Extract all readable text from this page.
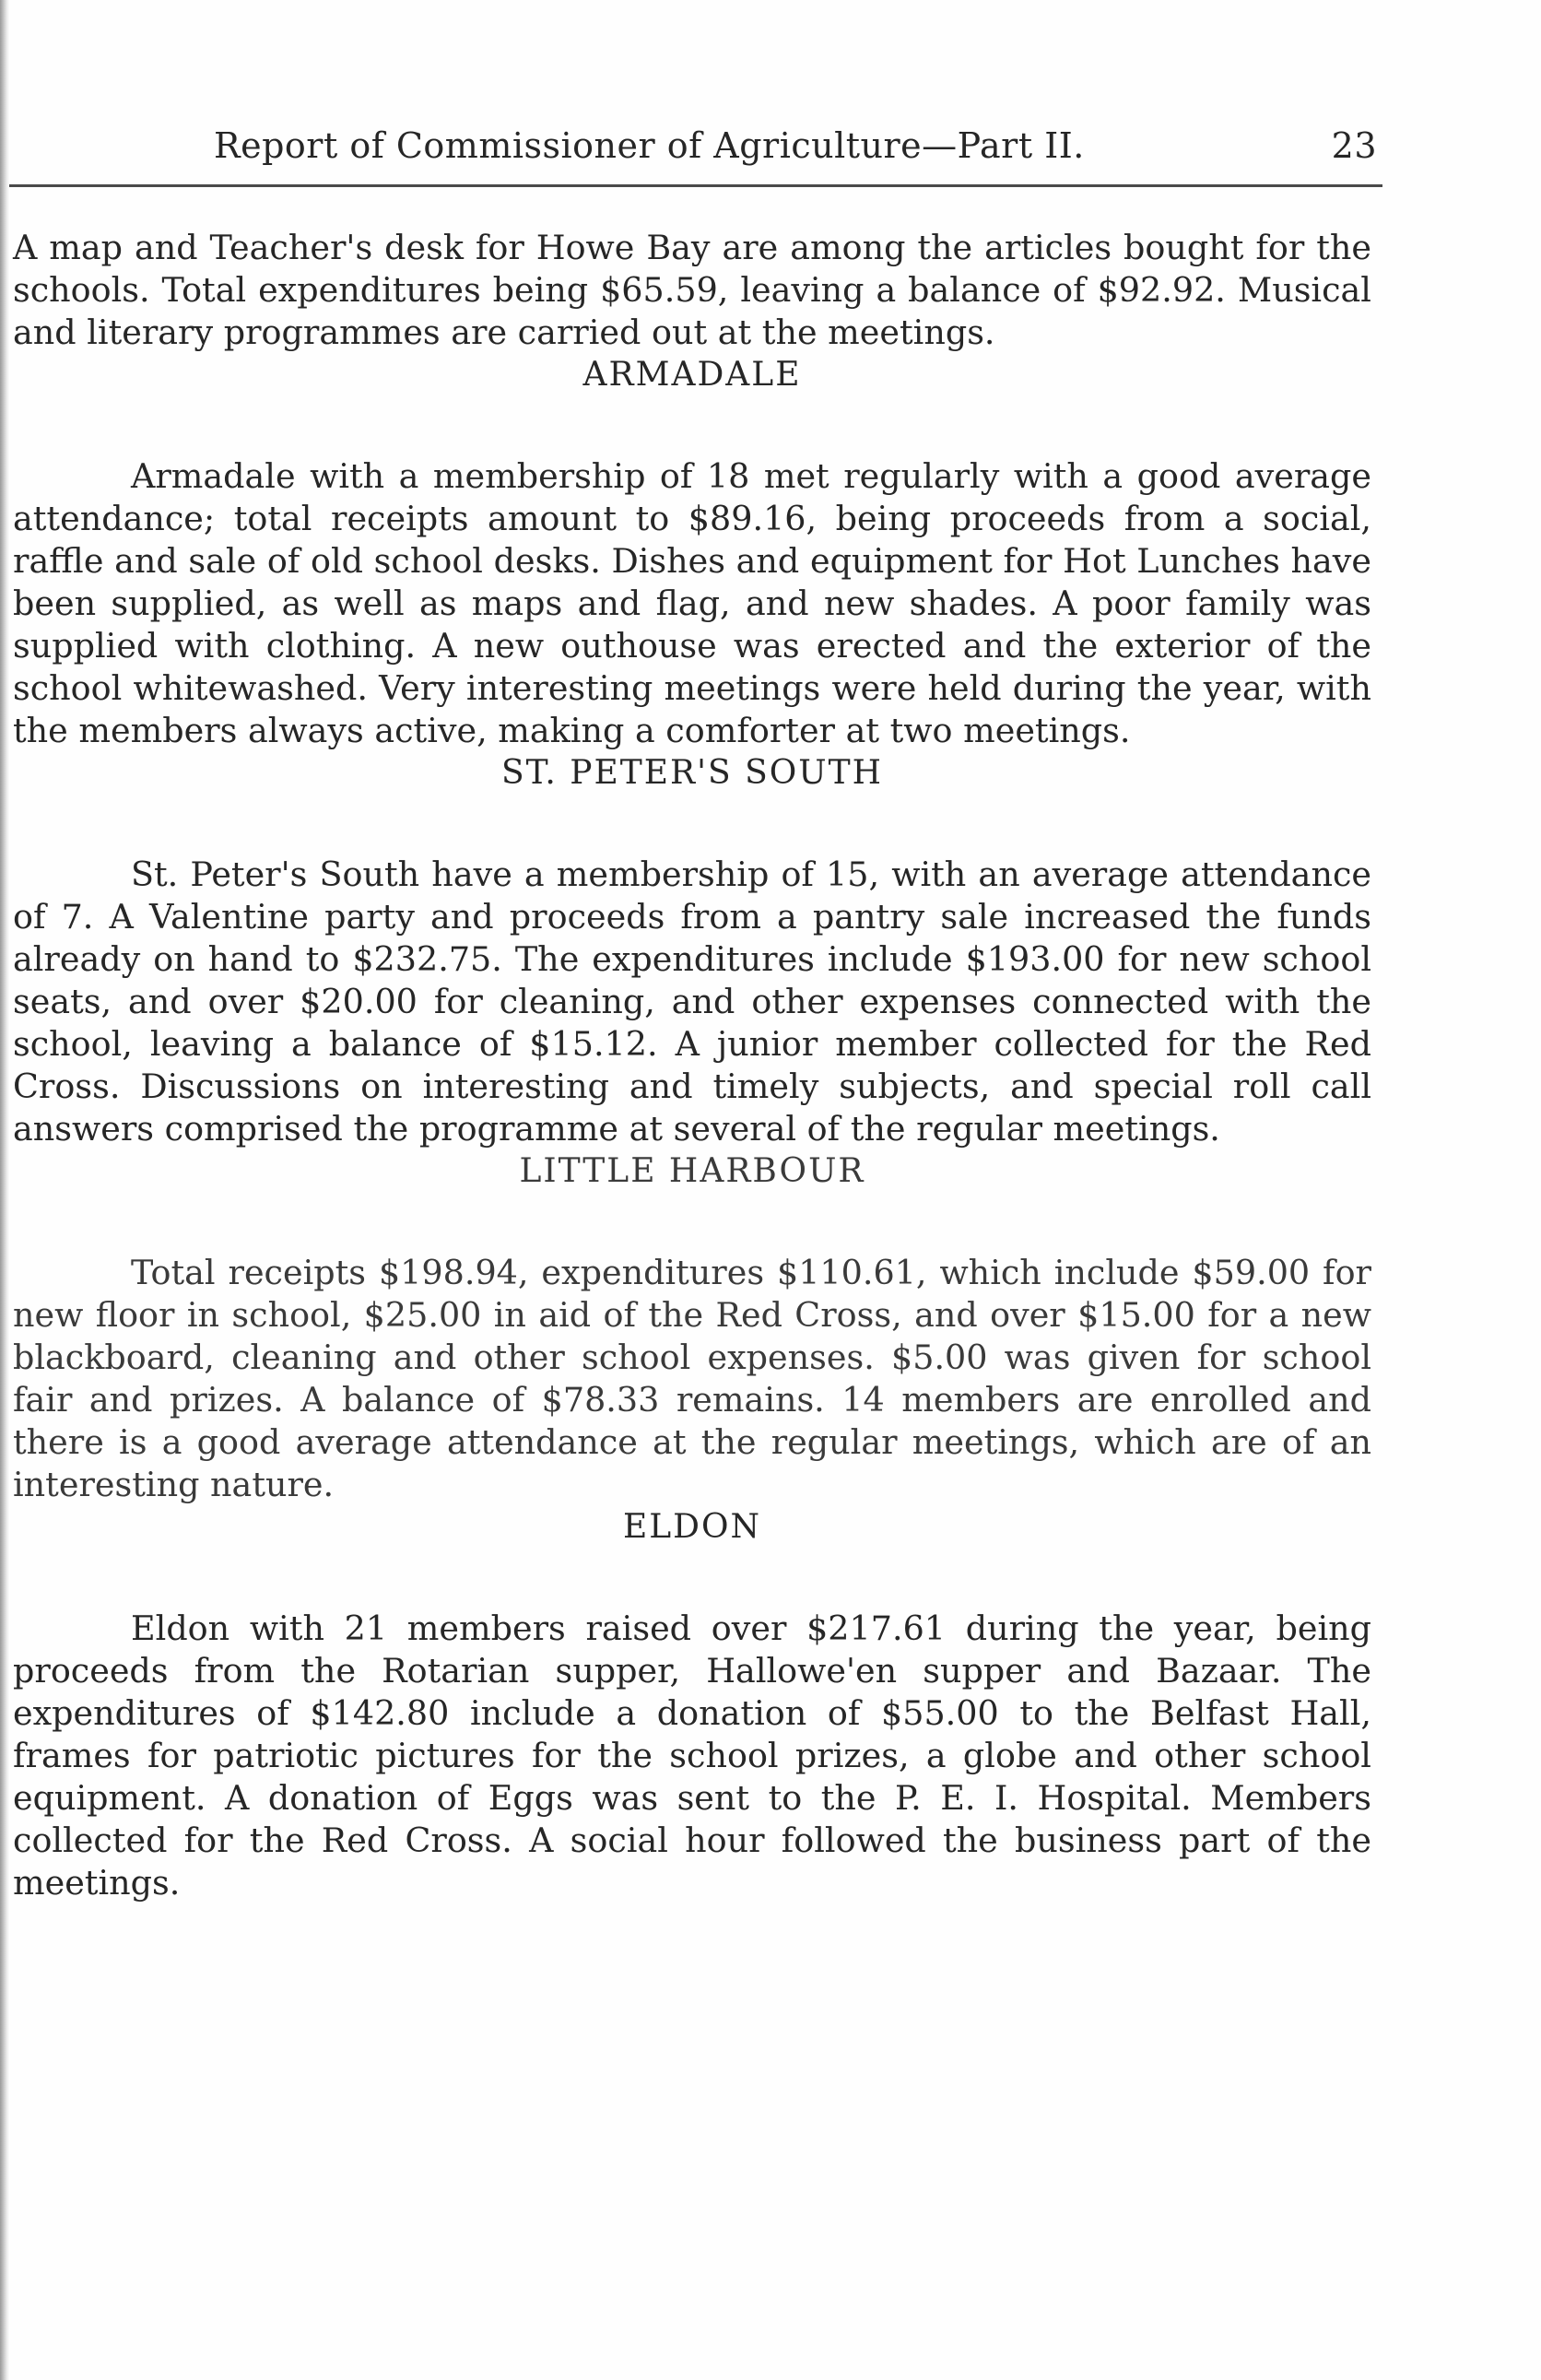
Report of Commissioner of Agriculture—Part II.	23

A map and Teacher's desk for Howe Bay are among the articles bought for the schools. Total expenditures being $65.59, leaving a balance of $92.92. Musical and literary programmes are carried out at the meetings.

ARMADALE

Armadale with a membership of 18 met regularly with a good average attendance; total receipts amount to $89.16, being proceeds from a social, raffle and sale of old school desks. Dishes and equipment for Hot Lunches have been supplied, as well as maps and flag, and new shades. A poor family was supplied with clothing. A new outhouse was erected and the exterior of the school whitewashed. Very interesting meetings were held during the year, with the members always active, making a comforter at two meetings.

ST. PETER'S SOUTH

St. Peter's South have a membership of 15, with an average attendance of 7. A Valentine party and proceeds from a pantry sale increased the funds already on hand to $232.75. The expenditures include $193.00 for new school seats, and over $20.00 for cleaning, and other expenses connected with the school, leaving a balance of $15.12. A junior member collected for the Red Cross. Discussions on interesting and timely subjects, and special roll call answers comprised the programme at several of the regular meetings.

LITTLE HARBOUR

Total receipts $198.94, expenditures $110.61, which include $59.00 for new floor in school, $25.00 in aid of the Red Cross, and over $15.00 for a new blackboard, cleaning and other school expenses. $5.00 was given for school fair and prizes. A balance of $78.33 remains. 14 members are enrolled and there is a good average attendance at the regular meetings, which are of an interesting nature.

ELDON

Eldon with 21 members raised over $217.61 during the year, being proceeds from the Rotarian supper, Hallowe'en supper and Bazaar. The expenditures of $142.80 include a donation of $55.00 to the Belfast Hall, frames for patriotic pictures for the school prizes, a globe and other school equipment. A donation of Eggs was sent to the P. E. I. Hospital. Members collected for the Red Cross. A social hour followed the business part of the meetings.
